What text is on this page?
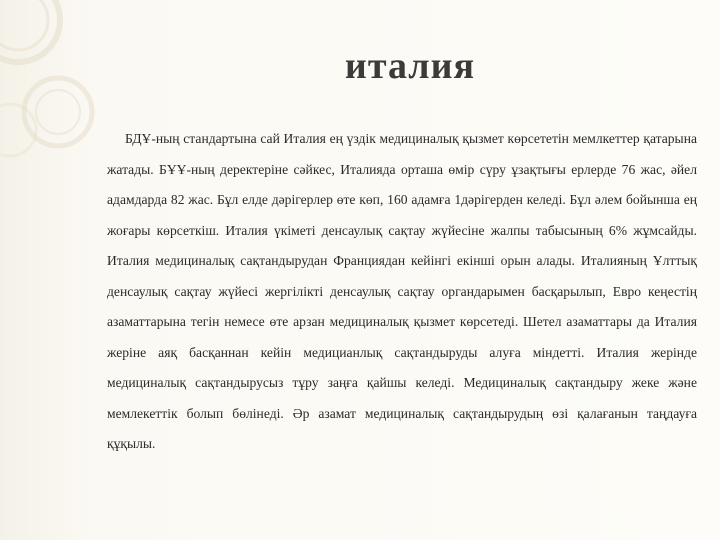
италия

БДҰ-ның стандартына сай Италия ең үздік медициналық қызмет көрсететін мемлкеттер қатарына жатады. БҰҰ-ның деректеріне сәйкес, Италияда орташа өмір сүру ұзақтығы ерлерде 76 жас, әйел адамдарда 82 жас. Бұл елде дәрігерлер өте көп, 160 адамға 1дәрігерден келеді. Бұл әлем бойынша ең жоғары көрсеткіш. Италия үкіметі денсаулық сақтау жүйесіне жалпы табысының 6% жұмсайды. Италия медициналық сақтандырудан Франциядан кейінгі екінші орын алады. Италияның Ұлттық денсаулық сақтау жүйесі жергілікті денсаулық сақтау органдарымен басқарылып, Евро кеңестің азаматтарына тегін немесе өте арзан медициналық қызмет көрсетеді. Шетел азаматтары да Италия жеріне аяқ басқаннан кейін медицианлық сақтандыруды алуға міндетті. Италия жерінде медициналық сақтандырусыз тұру заңға қайшы келеді. Медициналық сақтандыру жеке және мемлекеттік болып бөлінеді. Әр азамат медициналық сақтандырудың өзі қалағанын таңдауға құқылы.
